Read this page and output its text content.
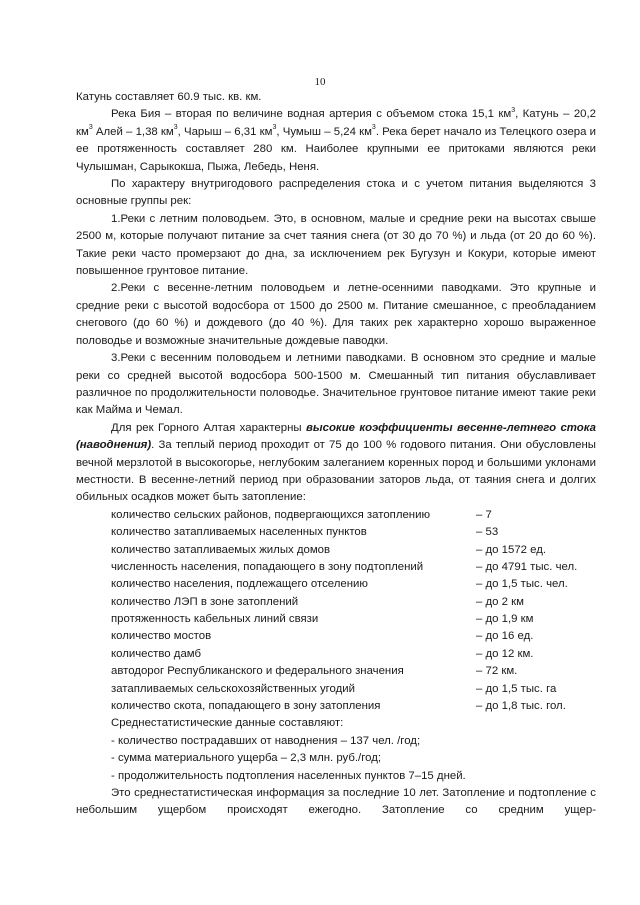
10

Катунь составляет 60.9 тыс. кв. км.

Река Бия – вторая по величине водная артерия с объемом стока 15,1 $км^3$, Катунь – 20,2 $км^3$ Алей – 1,38 $км^3$, Чарыш – 6,31 $км^3$, Чумыш – 5,24 $км^3$. Река берет начало из Телецкого озера и ее протяженность составляет 280 км. Наиболее крупными ее притоками являются реки Чулышман, Сарыкокша, Пыжа, Лебедь, Неня.

По характеру внутригодового распределения стока и с учетом питания выделяются 3 основные группы рек:

1.Реки с летним половодьем. Это, в основном, малые и средние реки на высотах свыше 2500 м, которые получают питание за счет таяния снега (от 30 до 70 %) и льда (от 20 до 60 %). Такие реки часто промерзают до дна, за исключением рек Бугузун и Кокури, которые имеют повышенное грунтовое питание.

2.Реки с весенне-летним половодьем и летне-осенними паводками. Это крупные и средние реки с высотой водосбора от 1500 до 2500 м. Питание смешанное, с преобладанием снегового (до 60 %) и дождевого (до 40 %). Для таких рек характерно хорошо выраженное половодье и возможные значительные дождевые паводки.

3.Реки с весенним половодьем и летними паводками. В основном это средние и малые реки со средней высотой водосбора 500-1500 м. Смешанный тип питания обуславливает различное по продолжительности половодье. Значительное грунтовое питание имеют такие реки как Майма и Чемал.

Для рек Горного Алтая характерны высокие коэффициенты весенне-летнего стока (наводнения). За теплый период проходит от 75 до 100 % годового питания. Они обусловлены вечной мерзлотой в высокогорье, неглубоким залеганием коренных пород и большими уклонами местности. В весенне-летний период при образовании заторов льда, от таяния снега и долгих обильных осадков может быть затопление:

количество сельских районов, подвергающихся затоплению	– 7
количество затапливаемых населенных пунктов	– 53
количество затапливаемых жилых домов	– до 1572 ед.
численность населения, попадающего в зону подтоплений	– до 4791 тыс. чел.
количество населения, подлежащего отселению	– до 1,5 тыс. чел.
количество ЛЭП в зоне затоплений	– до 2 км
протяженность кабельных линий связи	– до 1,9 км
количество мостов	– до 16 ед.
количество дамб	– до 12 км.
автодорог Республиканского и федерального значения	– 72 км.
затапливаемых сельскохозяйственных угодий	– до 1,5 тыс. га
количество скота, попадающего в зону затопления	– до 1,8 тыс. гол.

Среднестатистические данные составляют:

- количество пострадавших от наводнения – 137 чел. /год;

- сумма материального ущерба – 2,3 млн. руб./год;

- продолжительность подтопления населенных пунктов 7–15 дней.

Это среднестатистическая информация за последние 10 лет. Затопление и подтопление с небольшим ущербом происходят ежегодно. Затопление со средним ущер-
